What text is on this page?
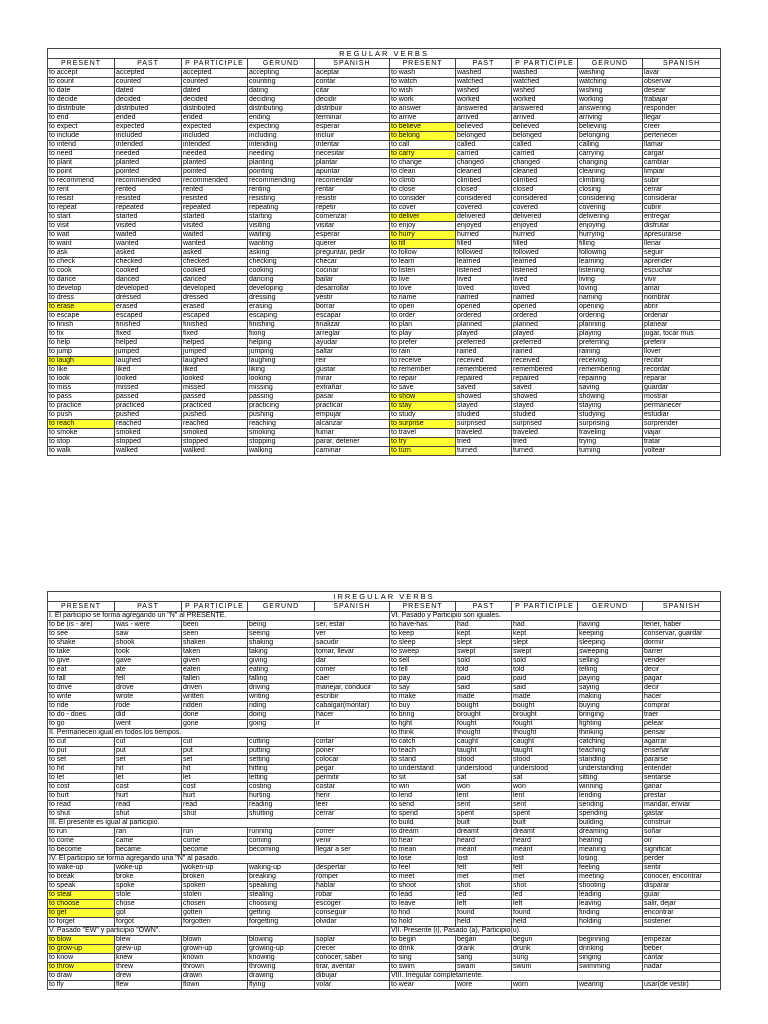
REGULAR VERBS									
PRESENT	PAST	P PARTICIPLE	GERUND	SPANISH	PRESENT	PAST	P PARTICIPLE	GERUND	SPANISH
to accept	accepted	accepted	accepting	aceptar	to wash	washed	washed	washing	lavar
to count	counted	counted	counting	contar	to watch	watched	watched	watching	observar
to date	dated	dated	dating	citar	to wish	wished	wished	wishing	desear
to decide	decided	decided	deciding	decidir	to work	worked	worked	working	trabajar
to distribute	distributed	distributed	distributing	distribuir	to answer	answered	answered	answering	responder
to end	ended	ended	ending	terminar	to arrive	arrived	arrived	arriving	llegar
to expect	expected	expected	expecting	esperar	to believe	believed	believed	believing	creer
to include	included	included	including	incluir	to belong	belonged	belonged	belonging	pertenecer
to intend	intended	intended	intending	intentar	to call	called	called	calling	llamar
to need	needed	needed	needing	necesitar	to carry	carried	carried	carrying	cargar
to plant	planted	planted	planting	plantar	to change	changed	changed	changing	cambiar
to point	pointed	pointed	pointing	apuntar	to clean	cleaned	cleaned	cleaning	limpiar
to recommend	recommended	recommended	recommending	recomendar	to climb	climbed	climbed	climbing	subir
to rent	rented	rented	renting	rentar	to close	closed	closed	closing	cerrar
to resist	resisted	resisted	resisting	resistir	to consider	considered	considered	considering	considerar
to repeat	repeated	repeated	repeating	repetir	to cover	covered	covered	covering	cubrir
to start	started	started	starting	comenzar	to deliver	delivered	delivered	delivering	entregar
to visit	visited	visited	visiting	visitar	to enjoy	enjoyed	enjoyed	enjoying	disfrutar
to wait	waited	waited	waiting	esperar	to hurry	hurried	hurried	hurrying	apresurarse
to want	wanted	wanted	wanting	querer	to fill	filled	filled	filling	llenar
to ask	asked	asked	asking	preguntar, pedir	to follow	followed	followed	following	seguir
to check	checked	checked	checking	checar	to learn	learned	learned	learning	aprender
to cook	cooked	cooked	cooking	cocinar	to listen	listened	listened	listening	escuchar
to dance	danced	danced	dancing	bailar	to live	lived	lived	living	vivir
to develop	developed	developed	developing	desarrollar	to love	loved	loved	loving	amar
to dress	dressed	dressed	dressing	vestir	to name	named	named	naming	nombrar
to erase	erased	erased	erasing	borrar	to open	opened	opened	opening	abrir
to escape	escaped	escaped	escaping	escapar	to order	ordered	ordered	ordering	ordenar
to finish	finished	finished	finishing	finalizar	to plan	planned	planned	planning	planear
to fix	fixed	fixed	fixing	arreglar	to play	played	played	playing	jugar, tocar mus
to help	helped	helped	helping	ayudar	to prefer	preferred	preferred	preferring	preferir
to jump	jumped	jumped	jumping	saltar	to rain	rained	rained	raining	llover
to laugh	laughed	laughed	laughing	reir	to receive	received	received	receiving	recibir
to like	liked	liked	liking	gustar	to remember	remembered	remembered	remembering	recordar
to look	looked	looked	looking	mirar	to repair	repaired	repaired	repairing	reparar
to miss	missed	missed	missing	extrañar	to save	saved	saved	saving	guardar
to pass	passed	passed	passing	pasar	to show	showed	showed	showing	mostrar
to practice	practiced	practiced	practicing	practicar	to stay	stayed	stayed	staying	permanecer
to push	pushed	pushed	pushing	empujar	to study	studied	studied	studying	estudiar
to reach	reached	reached	reaching	alcanzar	to surprise	surprised	surprised	surprising	sorprender
to smoke	smoked	smoked	smoking	fumar	to travel	traveled	traveled	traveling	viajar
to stop	stopped	stopped	stopping	parar, detener	to try	tried	tried	trying	tratar
to walk	walked	walked	walking	caminar	to turn	turned	turned	turning	voltear
IRREGULAR VERBS									
PRESENT	PAST	P PARTICIPLE	GERUND	SPANISH	PRESENT	PAST	P PARTICIPLE	GERUND	SPANISH
I. El participio se forma agregando un "N" al PRESENTE.					VI. Pasado y Participio son iguales.				
to be (is - are)	was - were	been	being	ser, estar	to have-has	had	had	having	tener, haber
to see	saw	seen	seeing	ver	to keep	kept	kept	keeping	conservar, guardar
to shake	shook	shaken	shaking	sacudir	to sleep	slept	slept	sleeping	dormir
to take	took	taken	taking	tomar, llevar	to sweep	swept	swept	sweeping	barrer
to give	gave	given	giving	dar	to sell	sold	sold	selling	vender
to eat	ate	eaten	eating	comer	to tell	told	told	telling	decir
to fall	fell	fallen	falling	caer	to pay	paid	paid	paying	pagar
to drive	drove	driven	driving	manejar, conducir	to say	said	said	saying	decir
to write	wrote	written	writing	escribir	to make	made	made	making	hacer
to ride	rode	ridden	riding	cabalgar(montar)	to buy	bought	bought	buying	comprar
to do - does	did	done	doing	hacer	to bring	brought	brought	bringing	traer
to go	went	gone	going	ir	to fight	fought	fought	fighting	pelear
II. Permanecen igual en todos los tiempos.					to think	thought	thought	thinking	pensar
to cut	cut	cut	cutting	cortar	to catch	caught	caught	catching	agarrar
to put	put	put	putting	poner	to teach	taught	taught	teaching	enseñar
to set	set	set	setting	colocar	to stand	stood	stood	standing	pararse
to hit	hit	hit	hitting	pegar	to understand	understood	understood	understanding	entender
to let	let	let	letting	permitir	to sit	sat	sat	sitting	sentarse
to cost	cost	cost	costing	costar	to win	won	won	winning	ganar
to hurt	hurt	hurt	hurting	herir	to lend	lent	lent	lending	prestar
to read	read	read	reading	leer	to send	sent	sent	sending	mandar, enviar
to shut	shut	shut	shutting	cerrar	to spend	spent	spent	spending	gastar
III. El presente es igual al participio.					to build	built	built	building	construir
to run	ran	run	running	correr	to dream	dreamt	dreamt	dreaming	soñar
to come	came	come	coming	venir	to hear	heard	heard	hearing	oir
to become	became	become	becoming	llegar a ser	to mean	meant	meant	meaning	significar
IV. El participio se forma agregando una "N" al pasado.					to lose	lost	lost	losing	perder
to wake-up	woke-up	woken-up	waking-up	despertar	to feel	felt	felt	feeling	sentir
to break	broke	broken	breaking	romper	to meet	met	met	meeting	conocer, encontrar
to speak	spoke	spoken	speaking	hablar	to shoot	shot	shot	shooting	disparar
to steal	stole	stolen	stealing	robar	to lead	led	led	leading	guiar
to choose	chose	chosen	choosing	escoger	to leave	left	left	leaving	salir, dejar
to get	got	gotten	getting	conseguir	to find	found	found	finding	encontrar
to forget	forgot	forgotten	forgetting	olvidar	to hold	held	held	holding	sostener
V. Pasado "EW" y participio "OWN".					VII. Presente (i), Pasado (a), Participio(u).				
to blow	blew	blown	blowing	soplar	to begin	began	begun	beginning	empezar
to grow-up	grew-up	grown-up	growing-up	crecer	to drink	drank	drunk	drinking	beber
to know	knew	known	knowing	conocer, saber	to sing	sang	sung	singing	cantar
to throw	threw	thrown	throwing	tirar, aventar	to swim	swam	swum	swimming	nadar
to draw	drew	drawn	drawing	dibujar	VIII. Irregular completamente.				
to fly	flew	flown	flying	volar	to wear	wore	worn	wearing	usar(de vestir)
